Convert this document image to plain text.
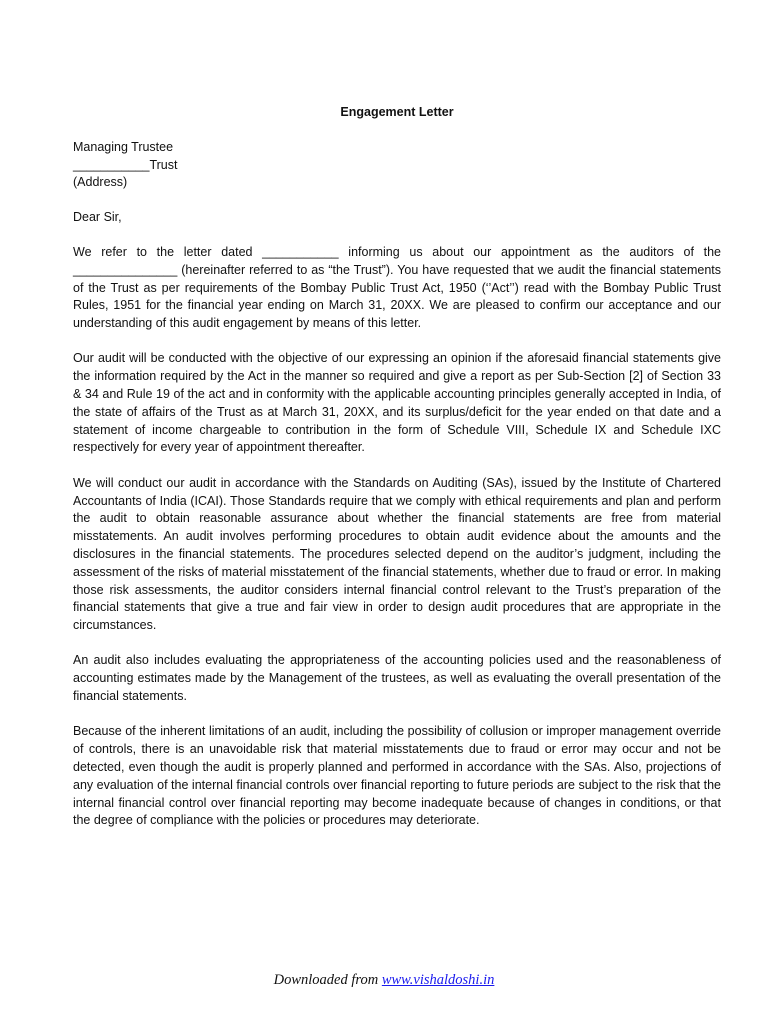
Engagement Letter
Managing Trustee
___________Trust
(Address)
Dear Sir,

We refer to the letter dated ___________ informing us about our appointment as the auditors of the _______________ (hereinafter referred to as “the Trust”). You have requested that we audit the financial statements of the Trust as per requirements of the Bombay Public Trust Act, 1950 (‘’Act’’) read with the Bombay Public Trust Rules, 1951 for the financial year ending on March 31, 20XX. We are pleased to confirm our acceptance and our understanding of this audit engagement by means of this letter.

Our audit will be conducted with the objective of our expressing an opinion if the aforesaid financial statements give the information required by the Act in the manner so required and give a report as per Sub-Section [2] of Section 33 & 34 and Rule 19 of the act and in conformity with the applicable accounting principles generally accepted in India, of the state of affairs of the Trust as at March 31, 20XX, and its surplus/deficit for the year ended on that date and a statement of income chargeable to contribution in the form of Schedule VIII, Schedule IX and Schedule IXC respectively for every year of appointment thereafter.

We will conduct our audit in accordance with the Standards on Auditing (SAs), issued by the Institute of Chartered Accountants of India (ICAI). Those Standards require that we comply with ethical requirements and plan and perform the audit to obtain reasonable assurance about whether the financial statements are free from material misstatements. An audit involves performing procedures to obtain audit evidence about the amounts and the disclosures in the financial statements. The procedures selected depend on the auditor’s judgment, including the assessment of the risks of material misstatement of the financial statements, whether due to fraud or error. In making those risk assessments, the auditor considers internal financial control relevant to the Trust’s preparation of the financial statements that give a true and fair view in order to design audit procedures that are appropriate in the circumstances.

An audit also includes evaluating the appropriateness of the accounting policies used and the reasonableness of accounting estimates made by the Management of the trustees, as well as evaluating the overall presentation of the financial statements.

Because of the inherent limitations of an audit, including the possibility of collusion or improper management override of controls, there is an unavoidable risk that material misstatements due to fraud or error may occur and not be detected, even though the audit is properly planned and performed in accordance with the SAs. Also, projections of any evaluation of the internal financial controls over financial reporting to future periods are subject to the risk that the internal financial control over financial reporting may become inadequate because of changes in conditions, or that the degree of compliance with the policies or procedures may deteriorate.

Downloaded from www.vishaldoshi.in
